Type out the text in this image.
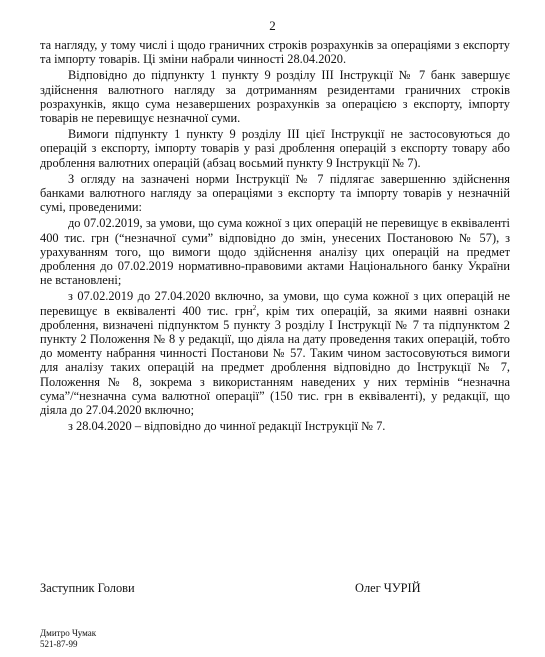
2

та нагляду, у тому числі і щодо граничних строків розрахунків за операціями з експорту та імпорту товарів. Ці зміни набрали чинності 28.04.2020.

Відповідно до підпункту 1 пункту 9 розділу ІІІ Інструкції № 7 банк завершує здійснення валютного нагляду за дотриманням резидентами граничних строків розрахунків, якщо сума незавершених розрахунків за операцією з експорту, імпорту товарів не перевищує незначної суми.

Вимоги підпункту 1 пункту 9 розділу ІІІ цієї Інструкції не застосовуються до операцій з експорту, імпорту товарів у разі дроблення операцій з експорту товару або дроблення валютних операцій (абзац восьмий пункту 9 Інструкції № 7).

З огляду на зазначені норми Інструкції № 7 підлягає завершенню здійснення банками валютного нагляду за операціями з експорту та імпорту товарів у незначній сумі, проведеними:

до 07.02.2019, за умови, що сума кожної з цих операцій не перевищує в еквіваленті 400 тис. грн (“незначної суми” відповідно до змін, унесених Постановою № 57), з урахуванням того, що вимоги щодо здійснення аналізу цих операцій на предмет дроблення до 07.02.2019 нормативно-правовими актами Національного банку України не встановлені;

з 07.02.2019 до 27.04.2020 включно, за умови, що сума кожної з цих операцій не перевищує в еквіваленті 400 тис. грн$^2$, крім тих операцій, за якими наявні ознаки дроблення, визначені підпунктом 5 пункту 3 розділу І Інструкції № 7 та підпунктом 2 пункту 2 Положення № 8 у редакції, що діяла на дату проведення таких операцій, тобто до моменту набрання чинності Постанови № 57. Таким чином застосовуються вимоги для аналізу таких операцій на предмет дроблення відповідно до Інструкції № 7, Положення № 8, зокрема з використанням наведених у них термінів “незначна сума”/“незначна сума валютної операції” (150 тис. грн в еквіваленті), у редакції, що діяла до 27.04.2020 включно;

з 28.04.2020 – відповідно до чинної редакції Інструкції № 7.

Заступник Голови	Олег ЧУРІЙ
Дмитро Чумак
521-87-99
